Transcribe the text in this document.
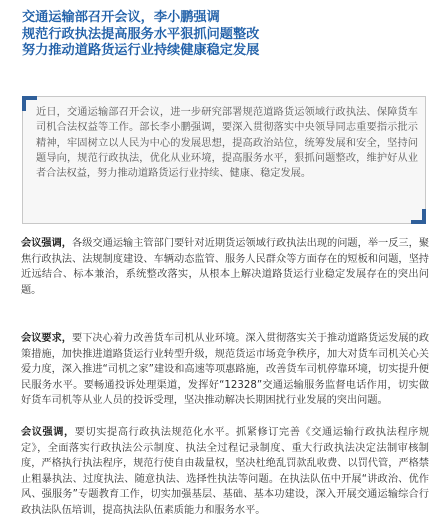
交通运输部召开会议，李小鹏强调
规范行政执法提高服务水平狠抓问题整改
努力推动道路货运行业持续健康稳定发展

近日，交通运输部召开会议，进一步研究部署规范道路货运领域行政执法、保障货车司机合法权益等工作。部长李小鹏强调，要深入贯彻落实中央领导同志重要指示批示精神，牢固树立以人民为中心的发展思想，提高政治站位，统筹发展和安全，坚持问题导向，规范行政执法，优化从业环境，提高服务水平，狠抓问题整改，维护好从业者合法权益，努力推动道路货运行业持续、健康、稳定发展。

会议强调，各级交通运输主管部门要针对近期货运领域行政执法出现的问题，举一反三，聚焦行政执法、法规制度建设、车辆动态监管、服务人民群众等方面存在的短板和问题，坚持近远结合、标本兼治，系统整改落实，从根本上解决道路货运行业稳定发展存在的突出问题。

会议要求，要下决心着力改善货车司机从业环境。深入贯彻落实关于推动道路货运发展的政策措施，加快推进道路货运行业转型升级，规范货运市场竞争秩序，加大对货车司机关心关爱力度，深入推进“司机之家”建设和高速等项惠路施，改善货车司机停靠环境，切实提升便民服务水平。要畅通投诉处理渠道，发挥好“12328”交通运输服务监督电话作用，切实做好货车司机等从业人员的投诉受理，坚决推动解决长期困扰行业发展的突出问题。

会议强调，要切实提高行政执法规范化水平。抓紧修订完善《交通运输行政执法程序规定》，全面落实行政执法公示制度、执法全过程记录制度、重大行政执法决定法制审核制度，严格执行执法程序，规范行使自由裁量权，坚决杜绝乱罚款乱收费、以罚代管，严格禁止粗暴执法、过度执法、随意执法、选择性执法等问题。在执法队伍中开展“讲政治、优作风、强服务”专题教育工作，切实加强基层、基础、基本功建设，深入开展交通运输综合行政执法队伍培训，提高执法队伍素质能力和服务水平。
